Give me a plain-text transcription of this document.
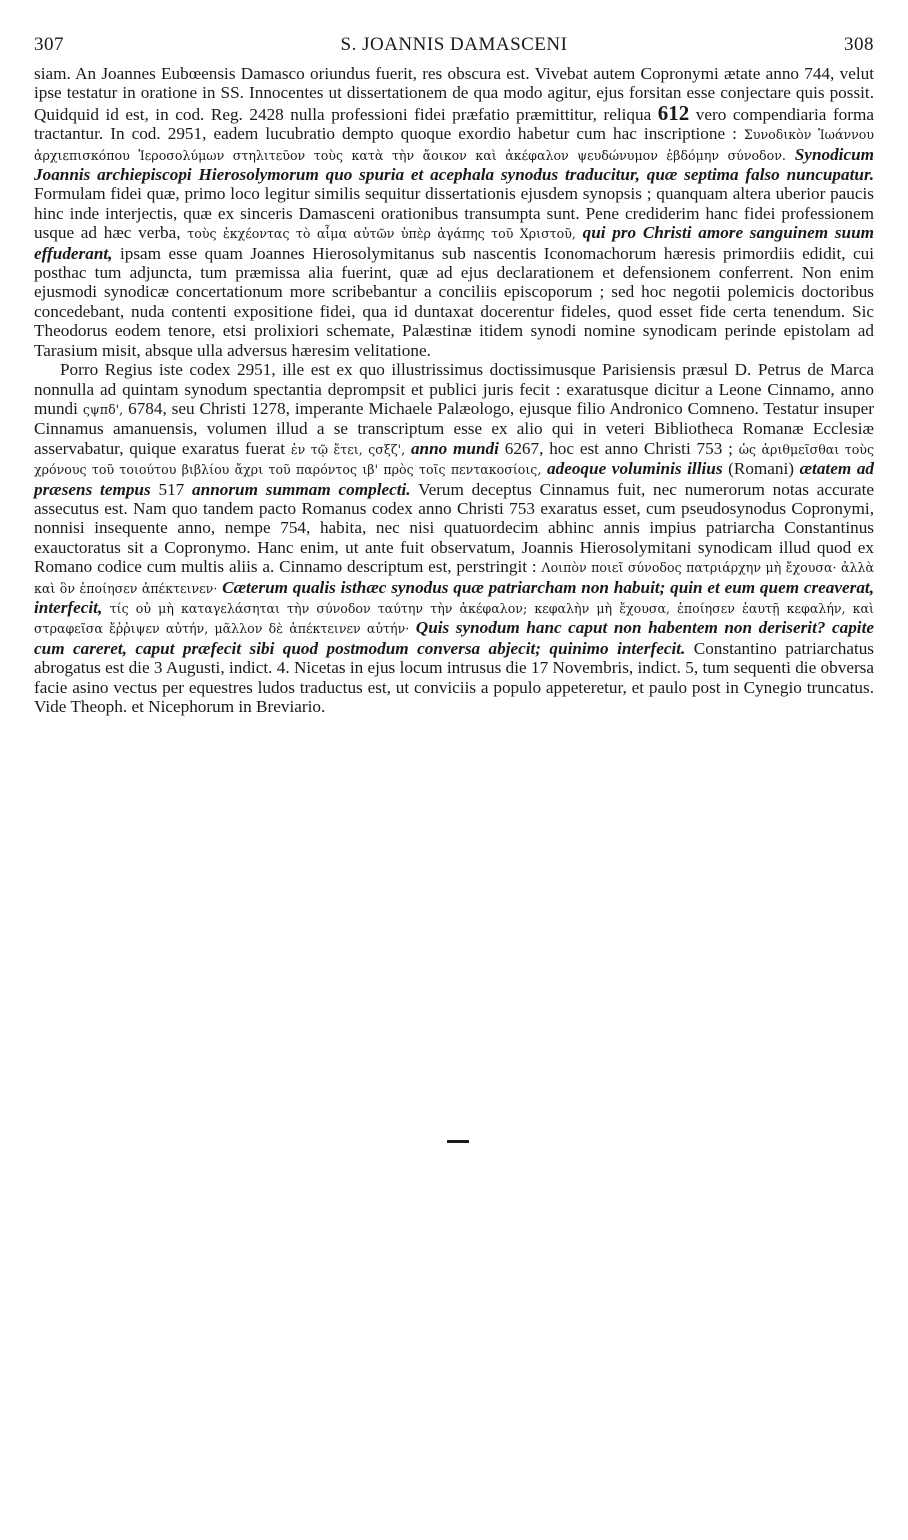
307	S. JOANNIS DAMASCENI	308

siam. An Joannes Eubœensis Damasco oriundus fuerit, res obscura est. Vivebat autem Copronymi ætate anno 744, velut ipse testatur in oratione in SS. Innocentes ut dissertationem de qua modo agitur, ejus forsitan esse conjectare quis possit. Quidquid id est, in cod. Reg. 2428 nulla professioni fidei præfatio præmittitur, reliqua 612 vero compendiaria forma tractantur. In cod. 2951, eadem lucubratio dempto quoque exordio habetur cum hac inscriptione : Συνοδικὸν Ἰωάννου ἀρχιεπισκόπου Ἱεροσολύμων στηλιτεῦον τοὺς κατὰ τὴν ἄοικον καὶ ἀκέφαλον ψευδώνυμον ἑβδόμην σύνοδον. Synodicum Joannis archiepiscopi Hierosolymorum quo spuria et acephala synodus traducitur, quæ septima falso nuncupatur. Formulam fidei quæ, primo loco legitur similis sequitur dissertationis ejusdem synopsis ; quanquam altera uberior paucis hinc inde interjectis, quæ ex sinceris Damasceni orationibus transumpta sunt. Pene crediderim hanc fidei professionem usque ad hæc verba, τοὺς ἐκχέοντας τὸ αἷμα αὐτῶν ὑπὲρ ἀγάπης τοῦ Χριστοῦ, qui pro Christi amore sanguinem suum effuderant, ipsam esse quam Joannes Hierosolymitanus sub nascentis Iconomachorum hæresis primordiis edidit, cui posthac tum adjuncta, tum præmissa alia fuerint, quæ ad ejus declarationem et defensionem conferrent. Non enim ejusmodi synodicæ concertationum more scribebantur a conciliis episcoporum ; sed hoc negotii polemicis doctoribus concedebant, nuda contenti expositione fidei, qua id duntaxat docerentur fideles, quod esset fide certa tenendum. Sic Theodorus eodem tenore, etsi prolixiori schemate, Palæstinæ itidem synodi nomine synodicam perinde epistolam ad Tarasium misit, absque ulla adversus hæresim velitatione.

Porro Regius iste codex 2951, ille est ex quo illustrissimus doctissimusque Parisiensis præsul D. Petrus de Marca nonnulla ad quintam synodum spectantia deprompsit et publici juris fecit : exaratusque dicitur a Leone Cinnamo, anno mundi ςψπδ', 6784, seu Christi 1278, imperante Michaele Palæologo, ejusque filio Andronico Comneno. Testatur insuper Cinnamus amanuensis, volumen illud a se transcriptum esse ex alio qui in veteri Bibliotheca Romanæ Ecclesiæ asservabatur, quique exaratus fuerat ἐν τῷ ἔτει, ςσξζ', anno mundi 6267, hoc est anno Christi 753 ; ὡς ἀριθμεῖσθαι τοὺς χρόνους τοῦ τοιούτου βιβλίου ἄχρι τοῦ παρόντος ιβ' πρὸς τοῖς πεντακοσίοις, adeoque voluminis illius (Romani) ætatem ad præsens tempus 517 annorum summam complecti. Verum deceptus Cinnamus fuit, nec numerorum notas accurate assecutus est. Nam quo tandem pacto Romanus codex anno Christi 753 exaratus esset, cum pseudosynodus Copronymi, nonnisi insequente anno, nempe 754, habita, nec nisi quatuordecim abhinc annis impius patriarcha Constantinus exauctoratus sit a Copronymo. Hanc enim, ut ante fuit observatum, Joannis Hierosolymitani synodicam illud quod ex Romano codice cum multis aliis a. Cinnamo descriptum est, perstringit : Λοιπὸν ποιεῖ σύνοδος πατριάρχην μὴ ἔχουσα· ἀλλὰ καὶ ὃν ἐποίησεν ἀπέκτεινεν· Cæterum qualis isthæc synodus quæ patriarcham non habuit; quin et eum quem creaverat, interfecit, τίς οὐ μὴ καταγελάσηται τὴν σύνοδον ταύτην τὴν ἀκέφαλον; κεφαλὴν μὴ ἔχουσα, ἐποίησεν ἑαυτῇ κεφαλήν, καὶ στραφεῖσα ἔῤῥιψεν αὐτήν, μᾶλλον δὲ ἀπέκτεινεν αὐτήν· Quis synodum hanc caput non habentem non deriserit? capite cum careret, caput præfecit sibi quod postmodum conversa abjecit; quinimo interfecit. Constantino patriarchatus abrogatus est die 3 Augusti, indict. 4. Nicetas in ejus locum intrusus die 17 Novembris, indict. 5, tum sequenti die obversa facie asino vectus per equestres ludos traductus est, ut conviciis a populo appeteretur, et paulo post in Cynegio truncatus. Vide Theoph. et Nicephorum in Breviario.
